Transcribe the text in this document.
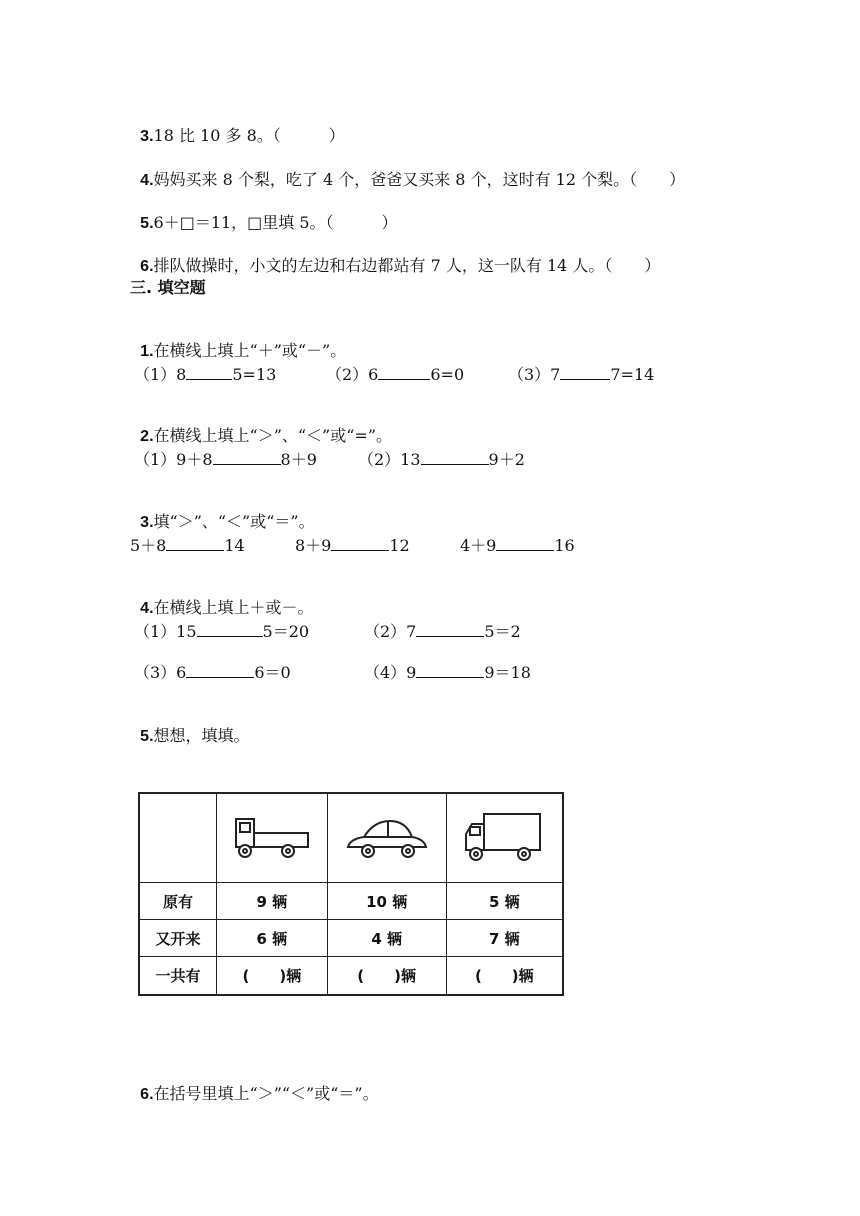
3.18 比 10 多 8。（　　　）

4.妈妈买来 8 个梨，吃了 4 个，爸爸又买来 8 个，这时有 12 个梨。（　　）

5.6＋□＝11，□里填 5。（　　　）

6.排队做操时，小文的左边和右边都站有 7 人，这一队有 14 人。（　　）

三. 填空题

1.在横线上填上“＋”或“－”。

（1）8	5=13	（2）6	6=0	（3）7	7=14

2.在横线上填上“＞”、“＜”或“=”。

（1）9＋8	8＋9	（2）13	9＋2

3.填“＞”、“＜”或“＝”。

5＋8	14	8＋9	12	4＋9	16

4.在横线上填上＋或－。

（1）15	5＝20	（2）7	5＝2
（3）6	6＝0	（4）9	9＝18

5.想想，填填。

原有	9 辆	10 辆	5 辆
又开来	6 辆	4 辆	7 辆
一共有	(　　)辆	(　　)辆	(　　)辆

6.在括号里填上“＞”“＜”或“＝”。
